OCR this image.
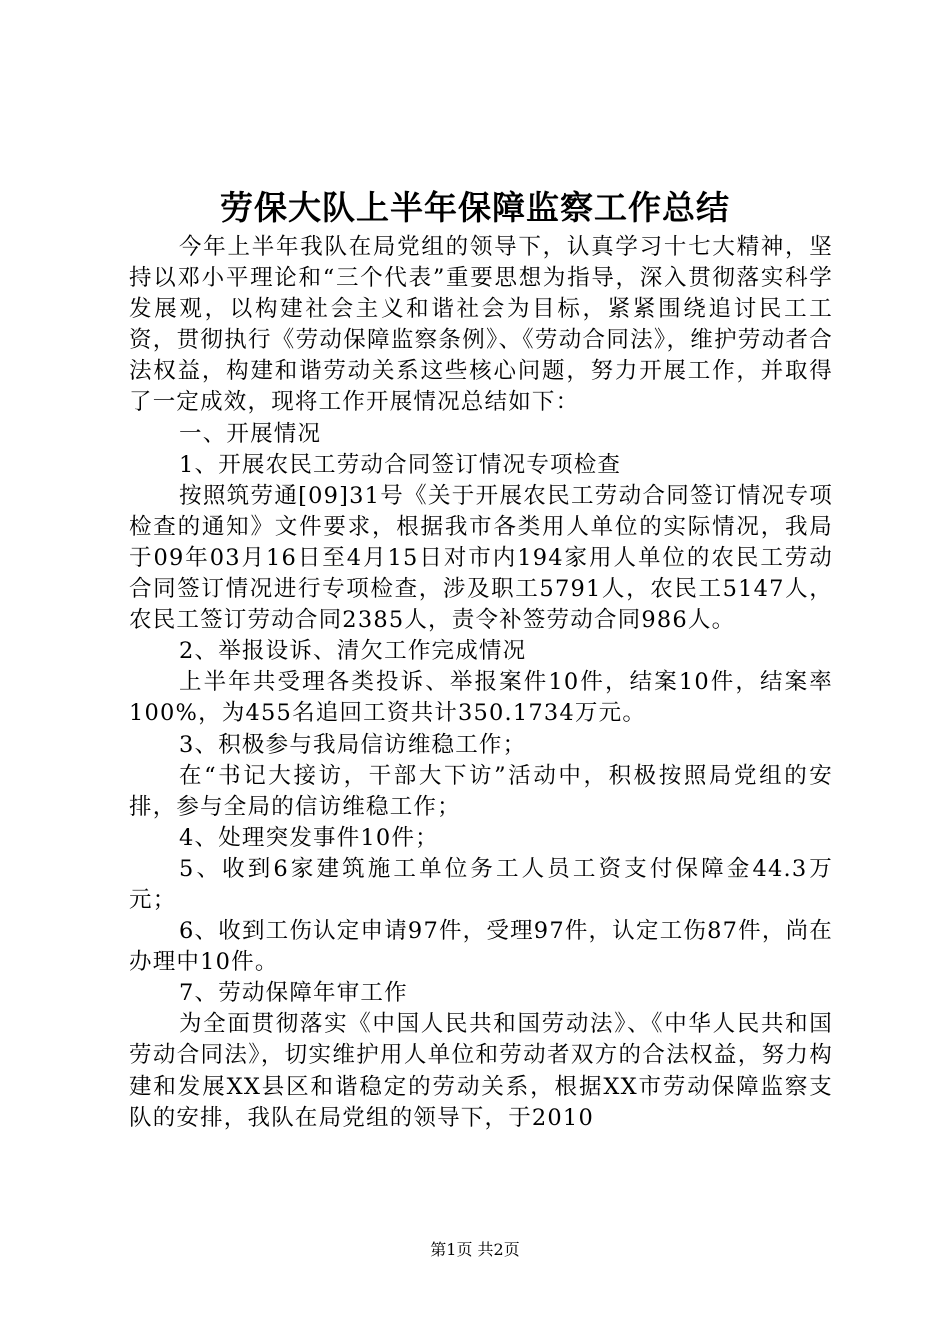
劳保大队上半年保障监察工作总结

今年上半年我队在局党组的领导下，认真学习十七大精神，坚持以邓小平理论和“三个代表”重要思想为指导，深入贯彻落实科学发展观，以构建社会主义和谐社会为目标，紧紧围绕追讨民工工资，贯彻执行《劳动保障监察条例》、《劳动合同法》，维护劳动者合法权益，构建和谐劳动关系这些核心问题，努力开展工作，并取得了一定成效，现将工作开展情况总结如下：

一、开展情况

1、开展农民工劳动合同签订情况专项检查

按照筑劳通[09]31号《关于开展农民工劳动合同签订情况专项检查的通知》文件要求，根据我市各类用人单位的实际情况，我局于09年03月16日至4月15日对市内194家用人单位的农民工劳动合同签订情况进行专项检查，涉及职工5791人，农民工5147人，农民工签订劳动合同2385人，责令补签劳动合同986人。

2、举报设诉、清欠工作完成情况

上半年共受理各类投诉、举报案件10件，结案10件，结案率100%，为455名追回工资共计350.1734万元。

3、积极参与我局信访维稳工作；

在“书记大接访，干部大下访”活动中，积极按照局党组的安排，参与全局的信访维稳工作；

4、处理突发事件10件；

5、收到6家建筑施工单位务工人员工资支付保障金44.3万元；

6、收到工伤认定申请97件，受理97件，认定工伤87件，尚在办理中10件。

7、劳动保障年审工作

为全面贯彻落实《中国人民共和国劳动法》、《中华人民共和国劳动合同法》，切实维护用人单位和劳动者双方的合法权益，努力构建和发展XX县区和谐稳定的劳动关系，根据XX市劳动保障监察支队的安排，我队在局党组的领导下，于2010

第1页 共2页
